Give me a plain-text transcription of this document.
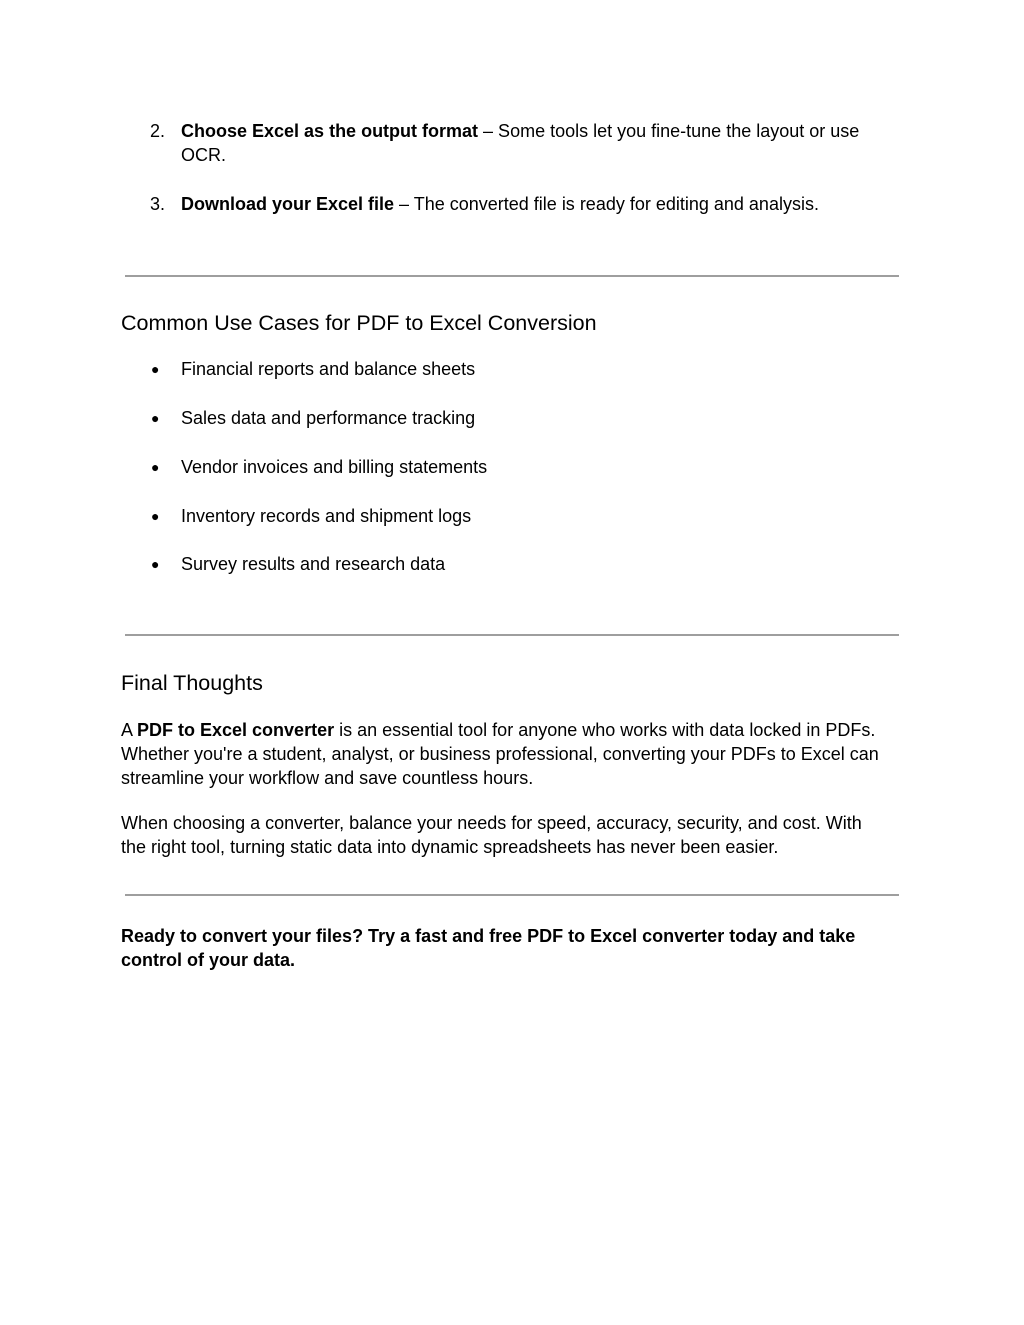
2. Choose Excel as the output format – Some tools let you fine-tune the layout or use
OCR.
3. Download your Excel file – The converted file is ready for editing and analysis.
Common Use Cases for PDF to Excel Conversion
● Financial reports and balance sheets
● Sales data and performance tracking
● Vendor invoices and billing statements
● Inventory records and shipment logs
● Survey results and research data
Final Thoughts
A PDF to Excel converter is an essential tool for anyone who works with data locked in PDFs.
Whether you're a student, analyst, or business professional, converting your PDFs to Excel can
streamline your workflow and save countless hours.
When choosing a converter, balance your needs for speed, accuracy, security, and cost. With
the right tool, turning static data into dynamic spreadsheets has never been easier.
Ready to convert your files? Try a fast and free PDF to Excel converter today and take
control of your data.
